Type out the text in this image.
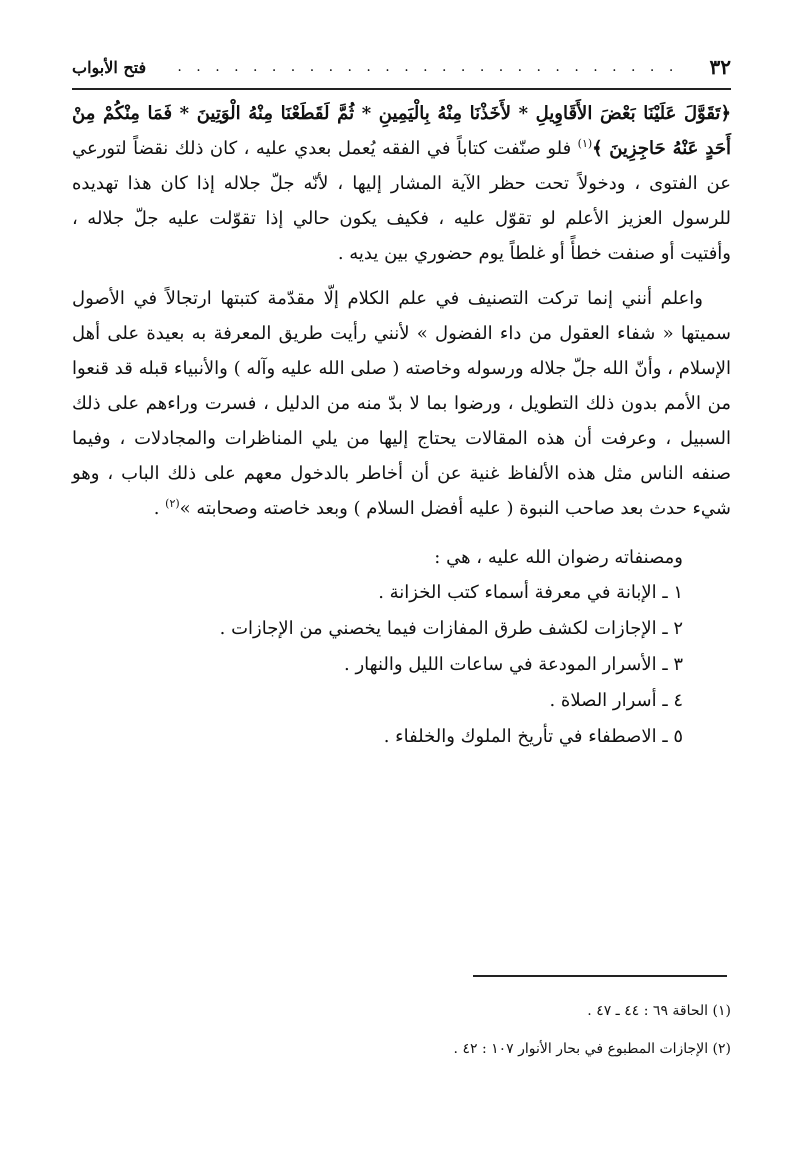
٣٢
. . . . . . . . . . . . . . . . . . . . . . . . . . .
فتح الأبواب

﴿تَقَوَّلَ عَلَيْنَا بَعْضَ الأَقَاوِيلِ * لأَخَذْنَا مِنْهُ بِالْيَمِينِ * ثُمَّ لَقَطَعْنَا مِنْهُ الْوَتِينَ * فَمَا مِنْكُمْ مِنْ أَحَدٍ عَنْهُ حَاجِزِينَ ﴾$^{(١)}$ فلو صنّفت كتاباً في الفقه يُعمل بعدي عليه ، كان ذلك نقضاً لتورعي عن الفتوى ، ودخولاً تحت حظر الآية المشار إليها ، لأنّه جلّ جلاله إذا كان هذا تهديده للرسول العزيز الأعلم لو تقوّل عليه ، فكيف يكون حالي إذا تقوّلت عليه جلّ جلاله ، وأفتيت أو صنفت خطأً أو غلطاً يوم حضوري بين يديه .

واعلم أنني إنما تركت التصنيف في علم الكلام إلّا مقدّمة كتبتها ارتجالاً في الأصول سميتها « شفاء العقول من داء الفضول » لأنني رأيت طريق المعرفة به بعيدة على أهل الإسلام ، وأنّ الله جلّ جلاله ورسوله وخاصته ( صلى الله عليه وآله ) والأنبياء قبله قد قنعوا من الأمم بدون ذلك التطويل ، ورضوا بما لا بدّ منه من الدليل ، فسرت وراءهم على ذلك السبيل ، وعرفت أن هذه المقالات يحتاج إليها من يلي المناظرات والمجادلات ، وفيما صنفه الناس مثل هذه الألفاظ غنية عن أن أخاطر بالدخول معهم على ذلك الباب ، وهو شيء حدث بعد صاحب النبوة ( عليه أفضل السلام ) وبعد خاصته وصحابته »$^{(٢)}$ .

ومصنفاته رضوان الله عليه ، هي :

١ ـ الإبانة في معرفة أسماء كتب الخزانة .
٢ ـ الإجازات لكشف طرق المفازات فيما يخصني من الإجازات .
٣ ـ الأسرار المودعة في ساعات الليل والنهار .
٤ ـ أسرار الصلاة .
٥ ـ الاصطفاء في تأريخ الملوك والخلفاء .
(١) الحاقة ٦٩ : ٤٤ ـ ٤٧ .
(٢) الإجازات المطبوع في بحار الأنوار ١٠٧ : ٤٢ .
